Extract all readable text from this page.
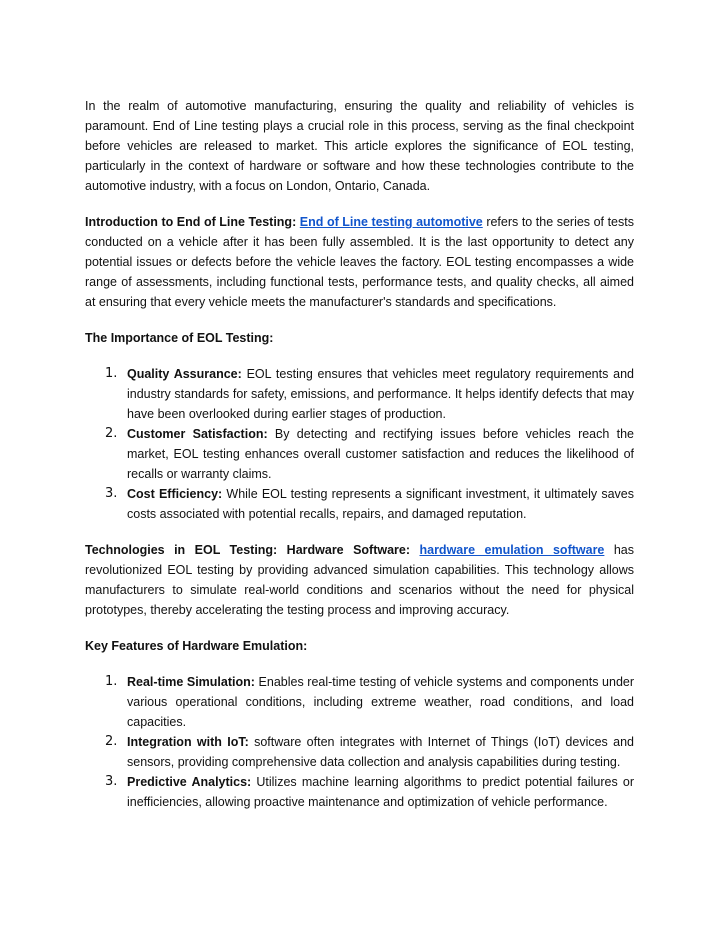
In the realm of automotive manufacturing, ensuring the quality and reliability of vehicles is paramount. End of Line testing plays a crucial role in this process, serving as the final checkpoint before vehicles are released to market. This article explores the significance of EOL testing, particularly in the context of hardware or software and how these technologies contribute to the automotive industry, with a focus on London, Ontario, Canada.

Introduction to End of Line Testing: End of Line testing automotive refers to the series of tests conducted on a vehicle after it has been fully assembled. It is the last opportunity to detect any potential issues or defects before the vehicle leaves the factory. EOL testing encompasses a wide range of assessments, including functional tests, performance tests, and quality checks, all aimed at ensuring that every vehicle meets the manufacturer's standards and specifications.

The Importance of EOL Testing:

1. Quality Assurance: EOL testing ensures that vehicles meet regulatory requirements and industry standards for safety, emissions, and performance. It helps identify defects that may have been overlooked during earlier stages of production.
2. Customer Satisfaction: By detecting and rectifying issues before vehicles reach the market, EOL testing enhances overall customer satisfaction and reduces the likelihood of recalls or warranty claims.
3. Cost Efficiency: While EOL testing represents a significant investment, it ultimately saves costs associated with potential recalls, repairs, and damaged reputation.

Technologies in EOL Testing: Hardware Software: hardware emulation software has revolutionized EOL testing by providing advanced simulation capabilities. This technology allows manufacturers to simulate real-world conditions and scenarios without the need for physical prototypes, thereby accelerating the testing process and improving accuracy.

Key Features of Hardware Emulation:

1. Real-time Simulation: Enables real-time testing of vehicle systems and components under various operational conditions, including extreme weather, road conditions, and load capacities.
2. Integration with IoT: software often integrates with Internet of Things (IoT) devices and sensors, providing comprehensive data collection and analysis capabilities during testing.
3. Predictive Analytics: Utilizes machine learning algorithms to predict potential failures or inefficiencies, allowing proactive maintenance and optimization of vehicle performance.
